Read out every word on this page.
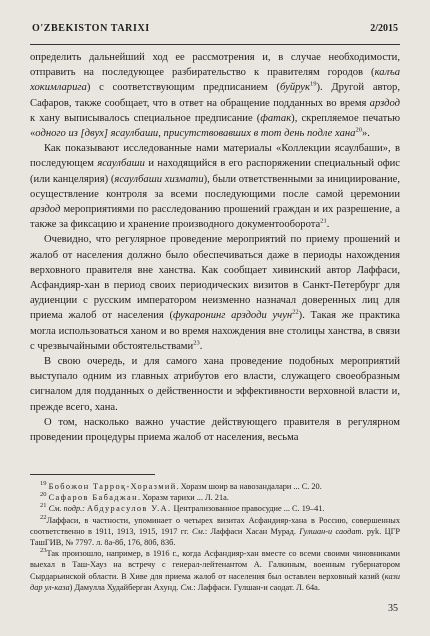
O'ZBEKISTON TARIXI	2/2015

определить дальнейший ход ее рассмотрения и, в случае необходимости, отправить на последующее разбирательство к правителям городов (калъа хокимларига) с соответствующим предписанием (буйрук$^{19}$). Другой автор, Сафаров, также сообщает, что в ответ на обращение подданных во время арздод к хану выписывалось специальное предписание (фатак), скрепляемое печатью «одного из [двух] ясаулбаши, присутствовавших в тот день подле хана$^{20}$».

Как показывают исследованные нами материалы «Коллекции ясаулбаши», в последующем ясаулбаши и находящийся в его распоряжении специальный офис (или канцелярия) (ясаулбаши хизмати), были ответственными за инициирование, осуществление контроля за всеми последующими после самой церемонии арздод мероприятиями по расследованию прошений граждан и их разрешение, а также за фиксацию и хранение производного документооборота$^{21}$.

Очевидно, что регулярное проведение мероприятий по приему прошений и жалоб от населения должно было обеспечиваться даже в периоды нахождения верховного правителя вне ханства. Как сообщает хивинский автор Лаффаси, Асфандияр-хан в период своих периодических визитов в Санкт-Петербург для аудиенции с русским императором неизменно назначал доверенных лиц для приема жалоб от населения (фукаронинг арздоди учун$^{22}$). Такая же практика могла использоваться ханом и во время нахождения вне столицы ханства, в связи с чрезвычайными обстоятельствами$^{23}$.

В свою очередь, и для самого хана проведение подобных мероприятий выступало одним из главных атрибутов его власти, служащего своеобразным сигналом для подданных о действенности и эффективности верховной власти и, прежде всего, хана.

О том, насколько важно участие действующего правителя в регулярном проведении процедуры приема жалоб от населения, весьма

$^{19}$ Бобожон Тарроқ-Хоразмий. Хоразм шоир ва навозандалари ... С. 20.

$^{20}$ Сафаров Бабаджан. Хоразм тарихи ... Л. 21а.

$^{21}$ См. подр.: Абдурасулов У.А. Централизованное правосудие ... С. 19–41.

$^{22}$Лаффаси, в частности, упоминает о четырех визитах Асфандияр-хана в Россию, совершенных соответственно в 1911, 1913, 1915, 1917 гг. См.: Лаффаси Хасан Мурад. Гулшан-и саодат. руk. ЦГР ТашГИВ, № 7797. л. 8а-8б, 176, 80б, 83б.

$^{23}$Так произошло, например, в 1916 г., когда Асфандияр-хан вместе со всеми своими чиновниками выехал в Таш-Хауз на встречу с генерал-лейтенантом А. Галкиным, военным губернатором Сырдарьинской области. В Хиве для приема жалоб от населения был оставлен верховный казий (кази дар ул-каза) Дамулла Худайберган Ахунд. См.: Лаффаси. Гулшан-и саодат. Л. 64а.

35
